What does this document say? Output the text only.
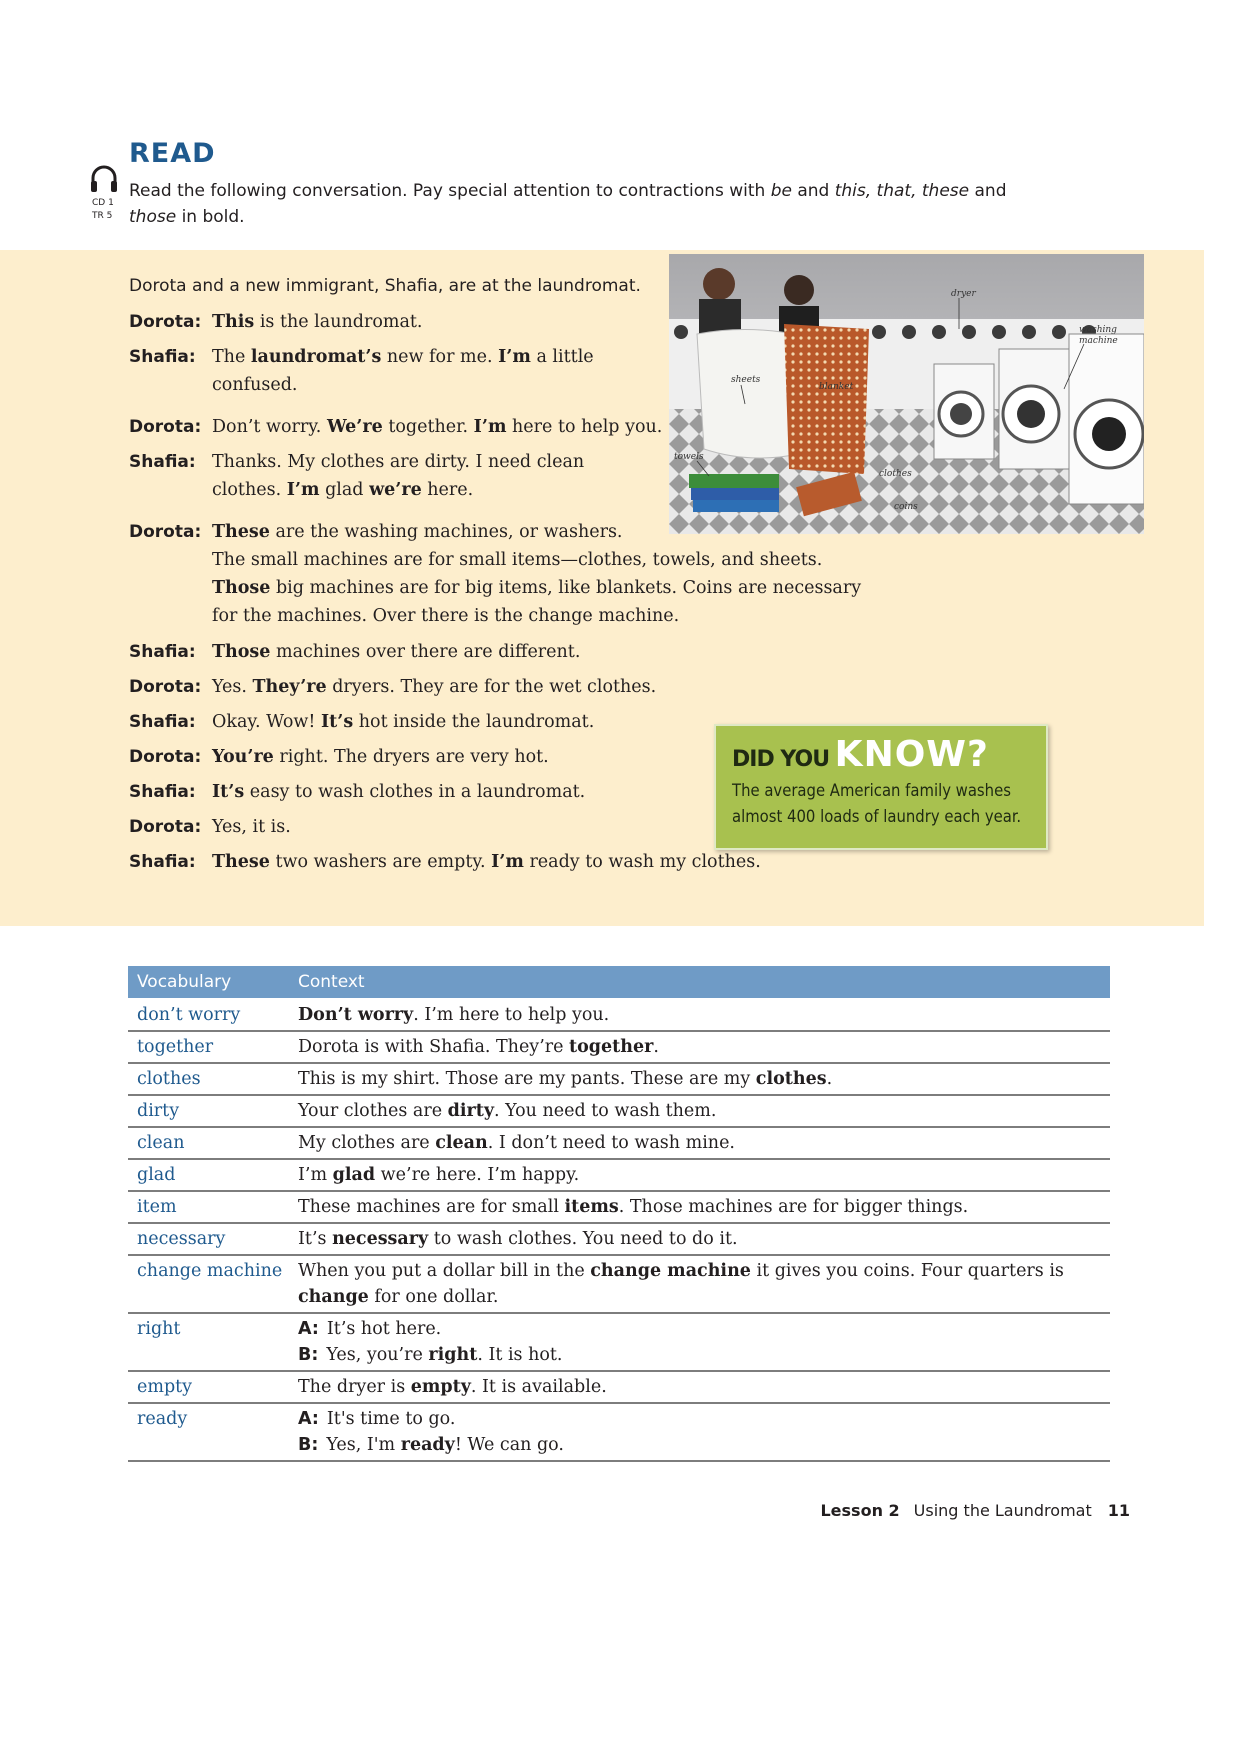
READ
CD 1
TR 5
Read the following conversation. Pay special attention to contractions with be and this, that, these and those in bold.
Dorota and a new immigrant, Shafia, are at the laundromat.
Dorota: This is the laundromat.
Shafia: The laundromat’s new for me. I’m a little
confused.
Dorota: Don’t worry. We’re together. I’m here to help you.
Shafia: Thanks. My clothes are dirty. I need clean
clothes. I’m glad we’re here.
Dorota: These are the washing machines, or washers.
The small machines are for small items—clothes, towels, and sheets.
Those big machines are for big items, like blankets. Coins are necessary
for the machines. Over there is the change machine.
Shafia: Those machines over there are different.
Dorota: Yes. They’re dryers. They are for the wet clothes.
Shafia: Okay. Wow! It’s hot inside the laundromat.
Dorota: You’re right. The dryers are very hot.
Shafia: It’s easy to wash clothes in a laundromat.
Dorota: Yes, it is.
Shafia: These two washers are empty. I’m ready to wash my clothes.
dryer
washing machine
sheets
blanket
towels
clothes
coins
DID YOU KNOW?
The average American family washes almost 400 loads of laundry each year.
Vocabulary	Context
don’t worry	Don’t worry. I’m here to help you.
together	Dorota is with Shafia. They’re together.
clothes	This is my shirt. Those are my pants. These are my clothes.
dirty	Your clothes are dirty. You need to wash them.
clean	My clothes are clean. I don’t need to wash mine.
glad	I’m glad we’re here. I’m happy.
item	These machines are for small items. Those machines are for bigger things.
necessary	It’s necessary to wash clothes. You need to do it.
change machine	When you put a dollar bill in the change machine it gives you coins. Four quarters is
change for one dollar.
right	A: It’s hot here.
B: Yes, you’re right. It is hot.
empty	The dryer is empty. It is available.
ready	A: It's time to go.
B: Yes, I'm ready! We can go.
Lesson 2 Using the Laundromat 11
